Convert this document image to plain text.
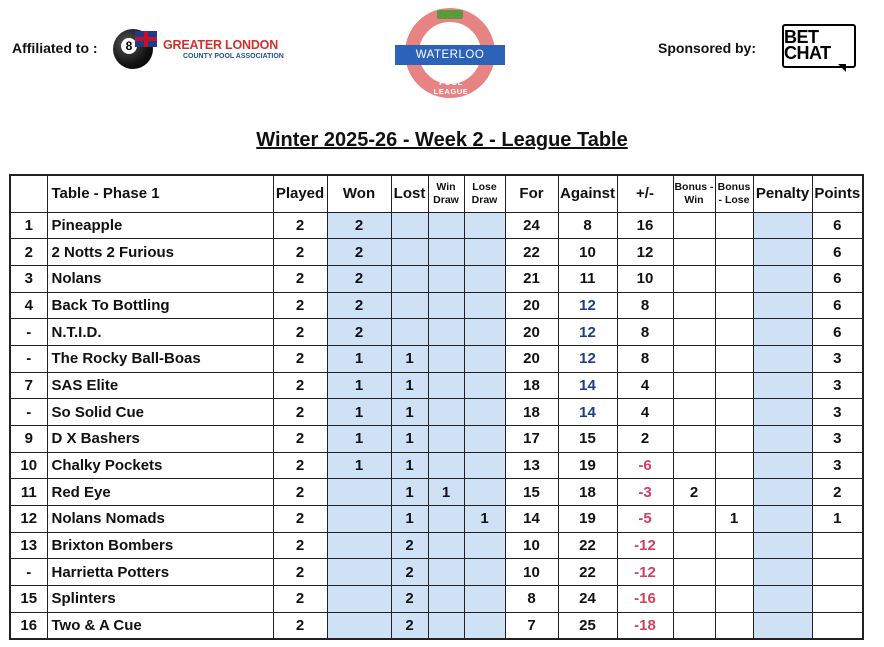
Affiliated to :	8	GREATER LONDON
COUNTY POOL ASSOCIATION	WATERLOO
POOL LEAGUE
Sponsored by:
BET CHAT
Winter 2025-26 - Week 2 - League Table
	Table - Phase 1	Played	Won	Lost	Win Draw	Lose Draw	For	Against	+/-	Bonus - Win	Bonus - Lose	Penalty	Points
1	Pineapple	2	2				24	8	16				6
2	2 Notts 2 Furious	2	2				22	10	12				6
3	Nolans	2	2				21	11	10				6
4	Back To Bottling	2	2				20	12	8				6
-	N.T.I.D.	2	2				20	12	8				6
-	The Rocky Ball-Boas	2	1	1			20	12	8				3
7	SAS Elite	2	1	1			18	14	4				3
-	So Solid Cue	2	1	1			18	14	4				3
9	D X Bashers	2	1	1			17	15	2				3
10	Chalky Pockets	2	1	1			13	19	-6				3
11	Red Eye	2		1	1		15	18	-3	2			2
12	Nolans Nomads	2		1		1	14	19	-5		1		1
13	Brixton Bombers	2		2			10	22	-12				
-	Harrietta Potters	2		2			10	22	-12				
15	Splinters	2		2			8	24	-16				
16	Two & A Cue	2		2			7	25	-18				
